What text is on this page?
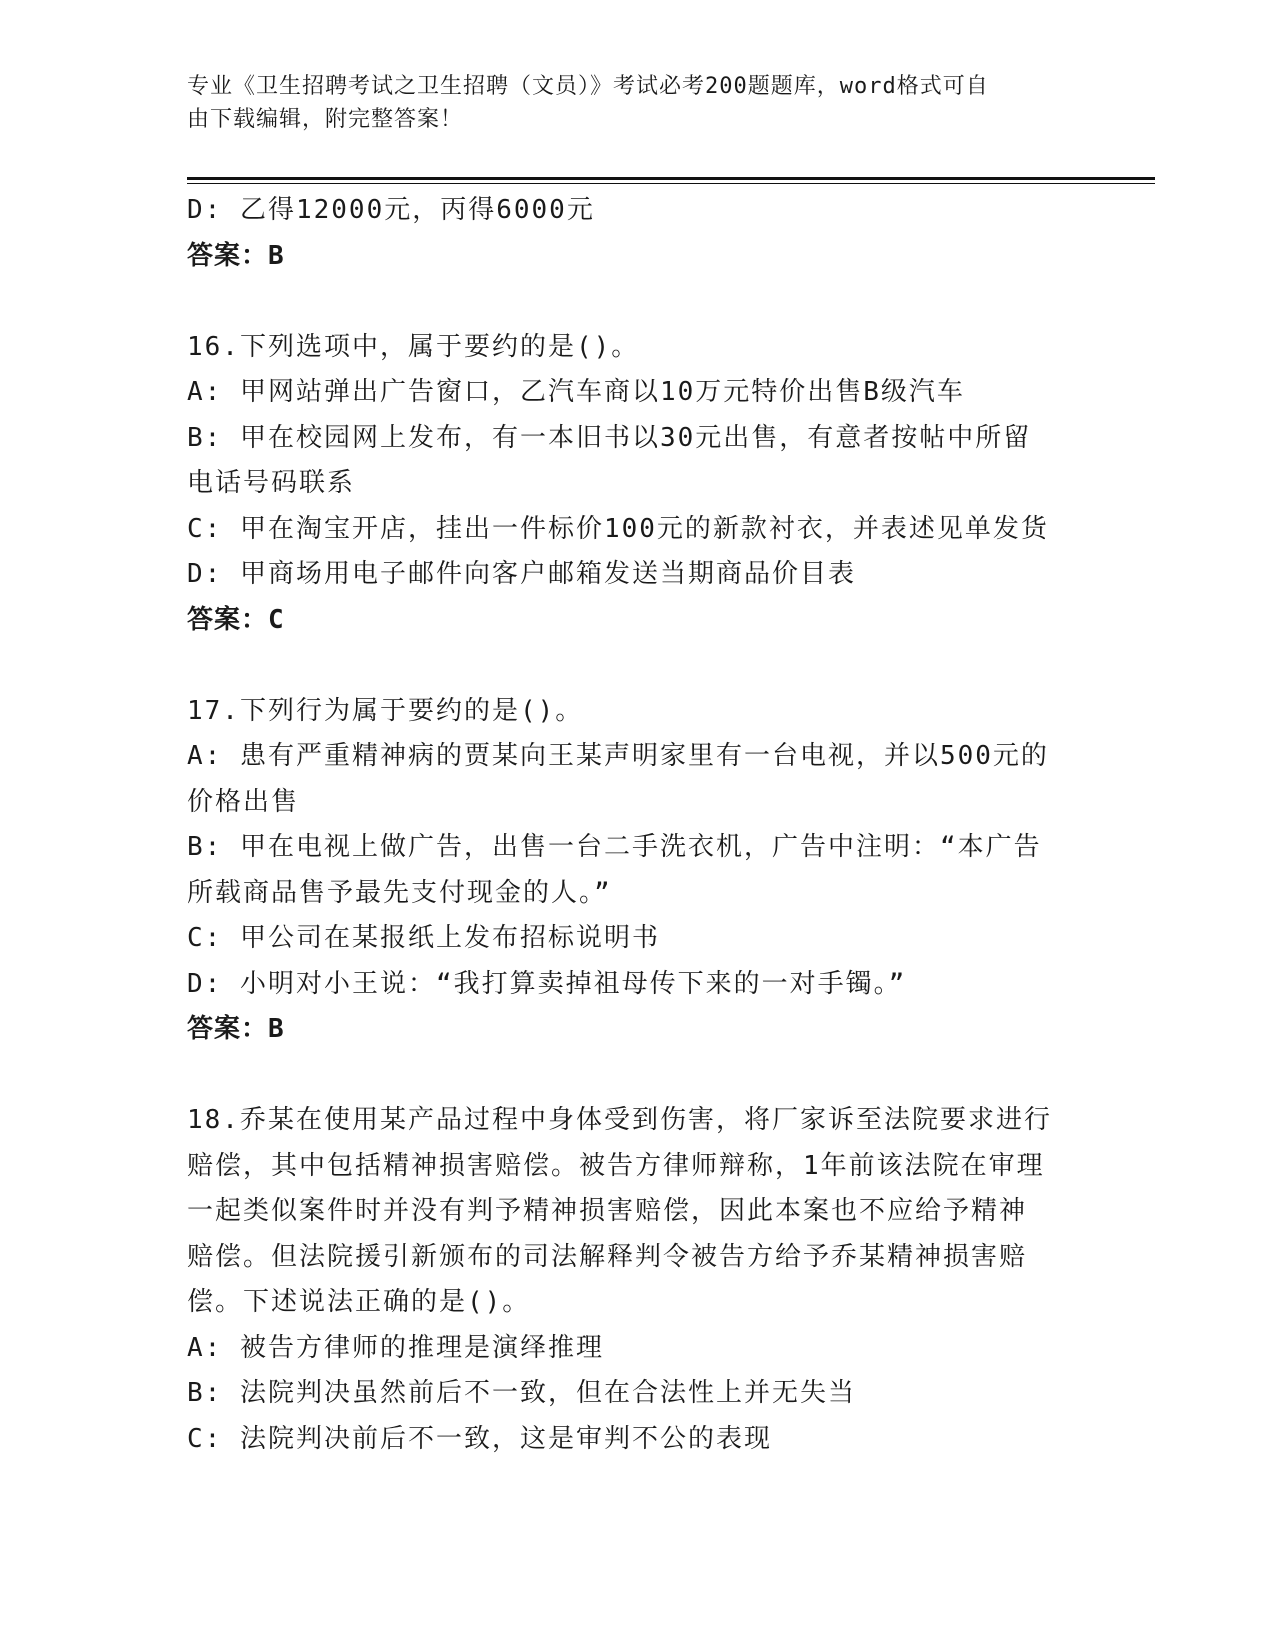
专业《卫生招聘考试之卫生招聘（文员）》考试必考200题题库，word格式可自
由下载编辑，附完整答案！
D: 乙得12000元，丙得6000元
答案：B
16.下列选项中，属于要约的是()。
A: 甲网站弹出广告窗口，乙汽车商以10万元特价出售B级汽车
B: 甲在校园网上发布，有一本旧书以30元出售，有意者按帖中所留
电话号码联系
C: 甲在淘宝开店，挂出一件标价100元的新款衬衣，并表述见单发货
D: 甲商场用电子邮件向客户邮箱发送当期商品价目表
答案：C
17.下列行为属于要约的是()。
A: 患有严重精神病的贾某向王某声明家里有一台电视，并以500元的
价格出售
B: 甲在电视上做广告，出售一台二手洗衣机，广告中注明：“本广告
所载商品售予最先支付现金的人。”
C: 甲公司在某报纸上发布招标说明书
D: 小明对小王说：“我打算卖掉祖母传下来的一对手镯。”
答案：B
18.乔某在使用某产品过程中身体受到伤害，将厂家诉至法院要求进行
赔偿，其中包括精神损害赔偿。被告方律师辩称，1年前该法院在审理
一起类似案件时并没有判予精神损害赔偿，因此本案也不应给予精神
赔偿。但法院援引新颁布的司法解释判令被告方给予乔某精神损害赔
偿。下述说法正确的是()。
A: 被告方律师的推理是演绎推理
B: 法院判决虽然前后不一致，但在合法性上并无失当
C: 法院判决前后不一致，这是审判不公的表现
